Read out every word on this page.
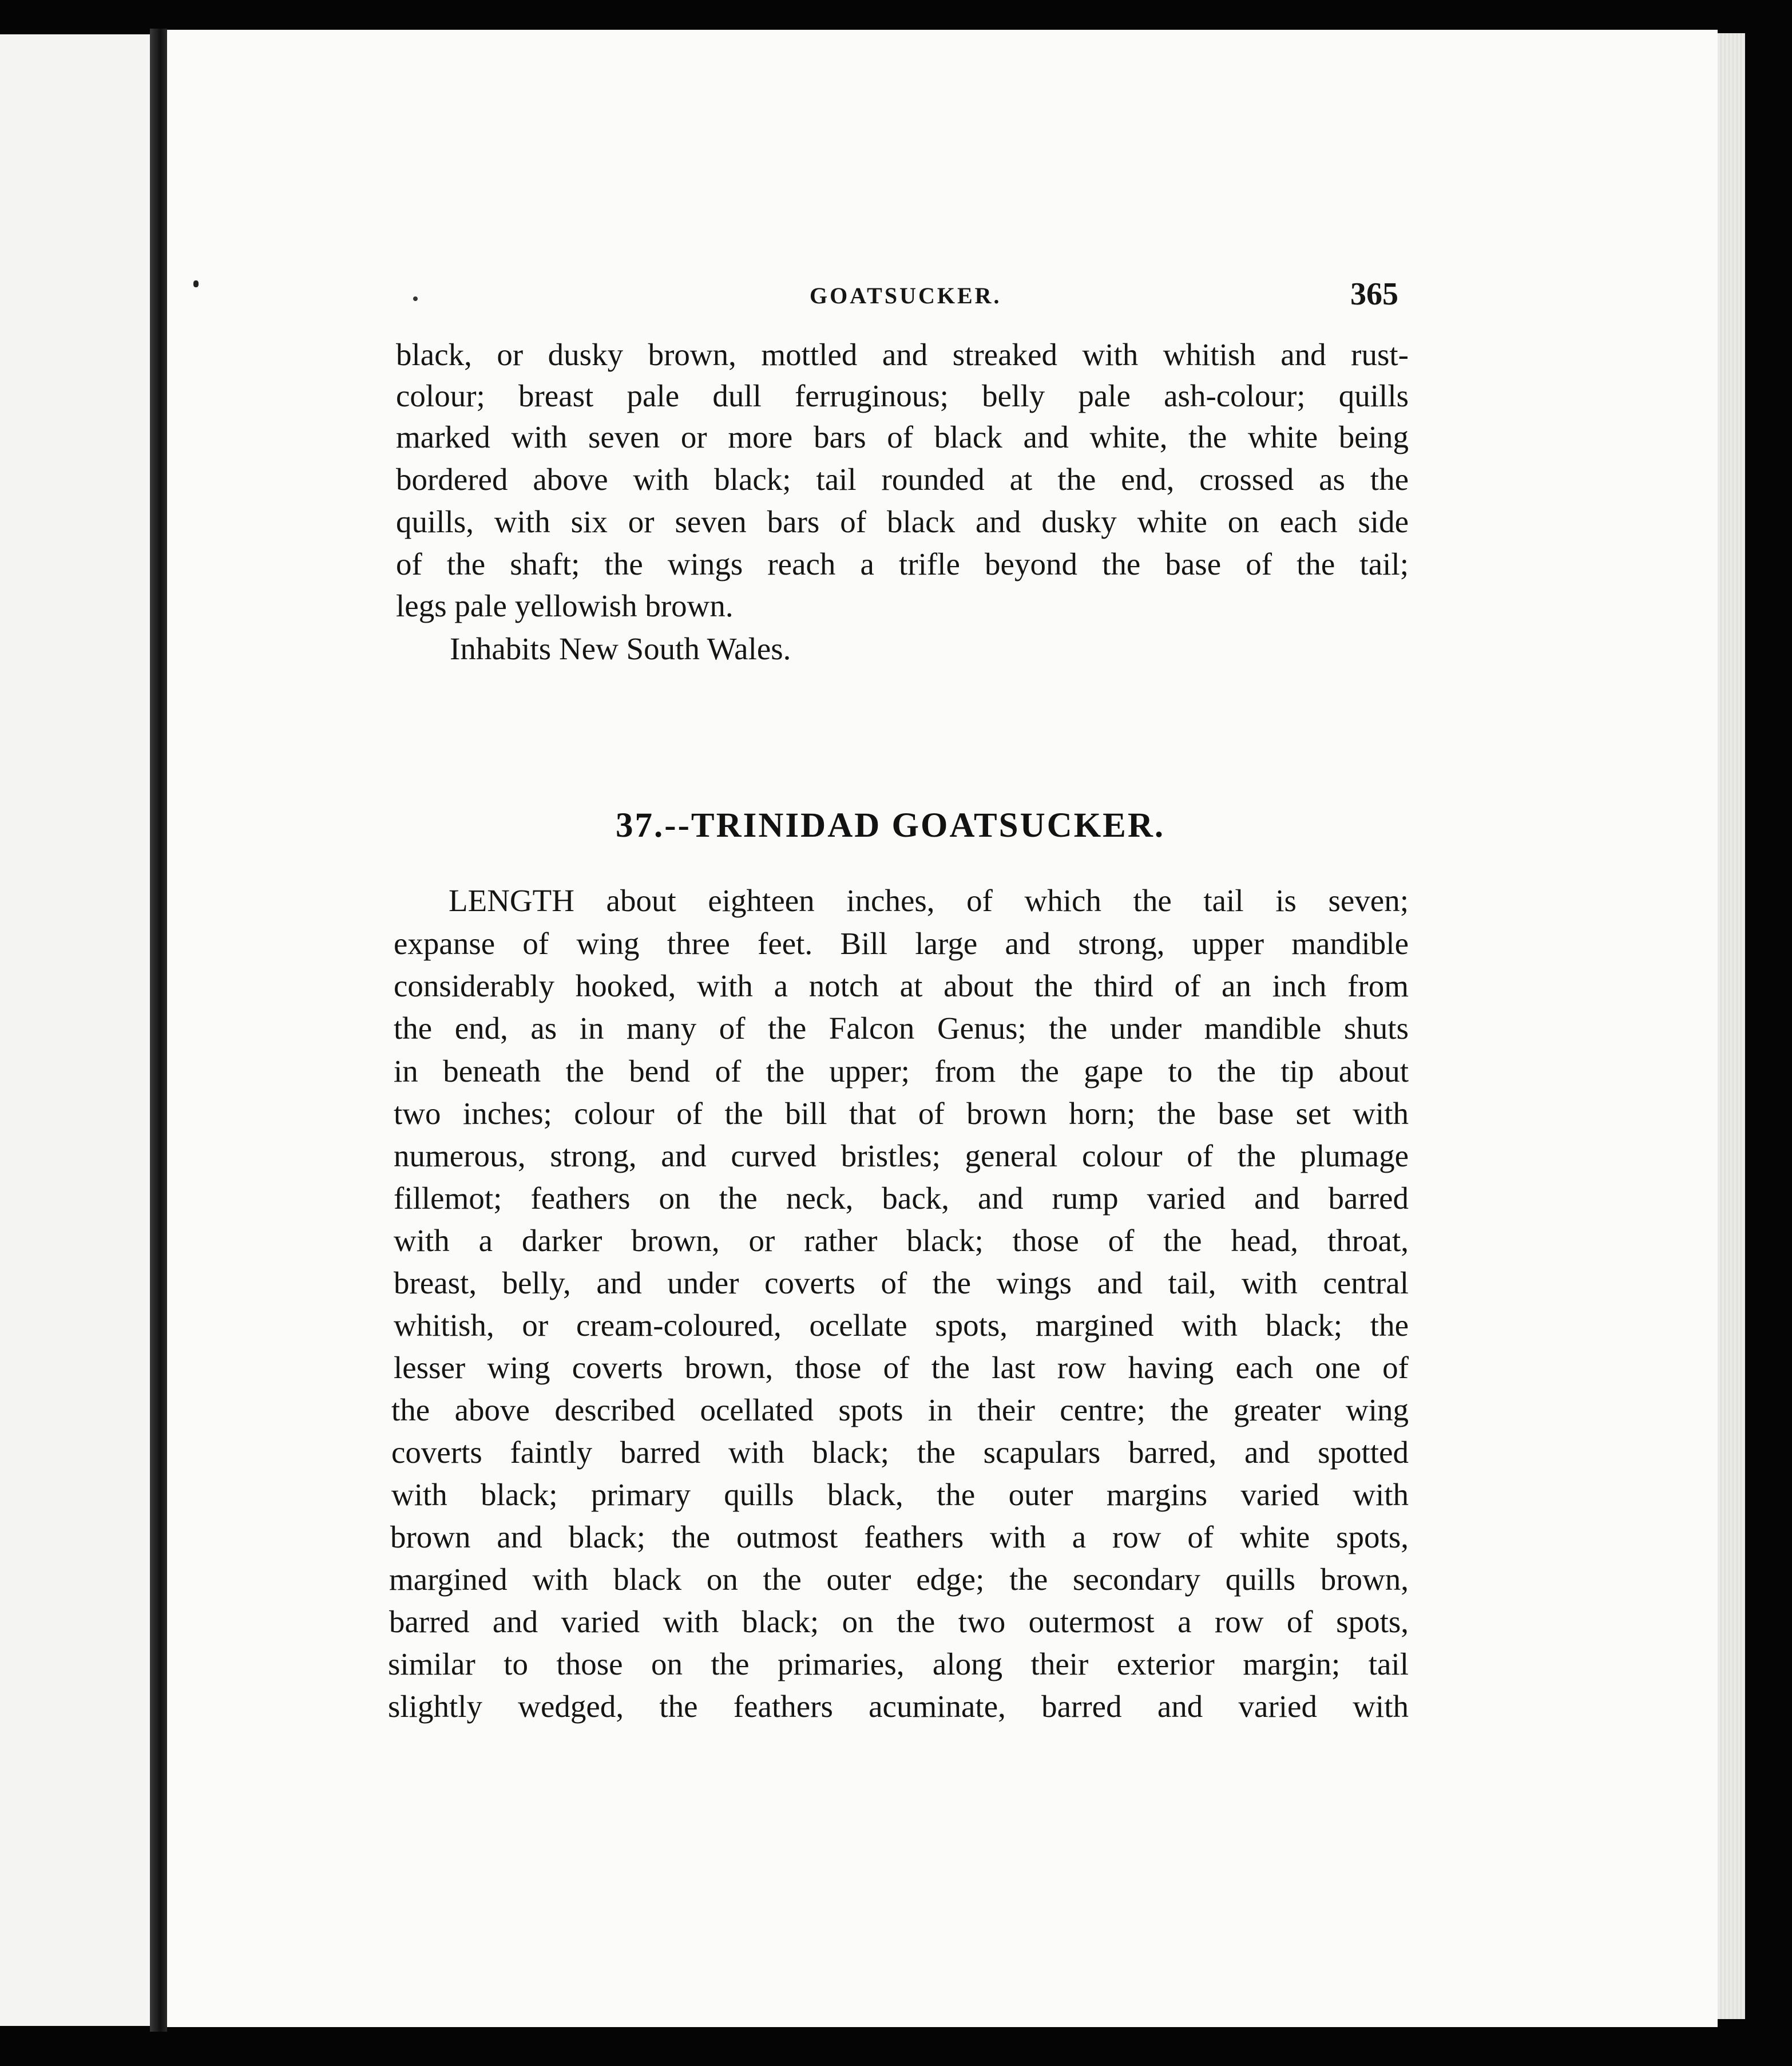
GOATSUCKER.	365
black, or dusky brown, mottled and streaked with whitish and rust-
colour; breast pale dull ferruginous; belly pale ash-colour; quills
marked with seven or more bars of black and white, the white being
bordered above with black; tail rounded at the end, crossed as the
quills, with six or seven bars of black and dusky white on each side
of the shaft; the wings reach a trifle beyond the base of the tail;
legs pale yellowish brown.
Inhabits New South Wales.
37.--TRINIDAD GOATSUCKER.
LENGTH about eighteen inches, of which the tail is seven;
expanse of wing three feet. Bill large and strong, upper mandible
considerably hooked, with a notch at about the third of an inch from
the end, as in many of the Falcon Genus; the under mandible shuts
in beneath the bend of the upper; from the gape to the tip about
two inches; colour of the bill that of brown horn; the base set with
numerous, strong, and curved bristles; general colour of the plumage
fillemot; feathers on the neck, back, and rump varied and barred
with a darker brown, or rather black; those of the head, throat,
breast, belly, and under coverts of the wings and tail, with central
whitish, or cream-coloured, ocellate spots, margined with black; the
lesser wing coverts brown, those of the last row having each one of
the above described ocellated spots in their centre; the greater wing
coverts faintly barred with black; the scapulars barred, and spotted
with black; primary quills black, the outer margins varied with
brown and black; the outmost feathers with a row of white spots,
margined with black on the outer edge; the secondary quills brown,
barred and varied with black; on the two outermost a row of spots,
similar to those on the primaries, along their exterior margin; tail
slightly wedged, the feathers acuminate, barred and varied with
